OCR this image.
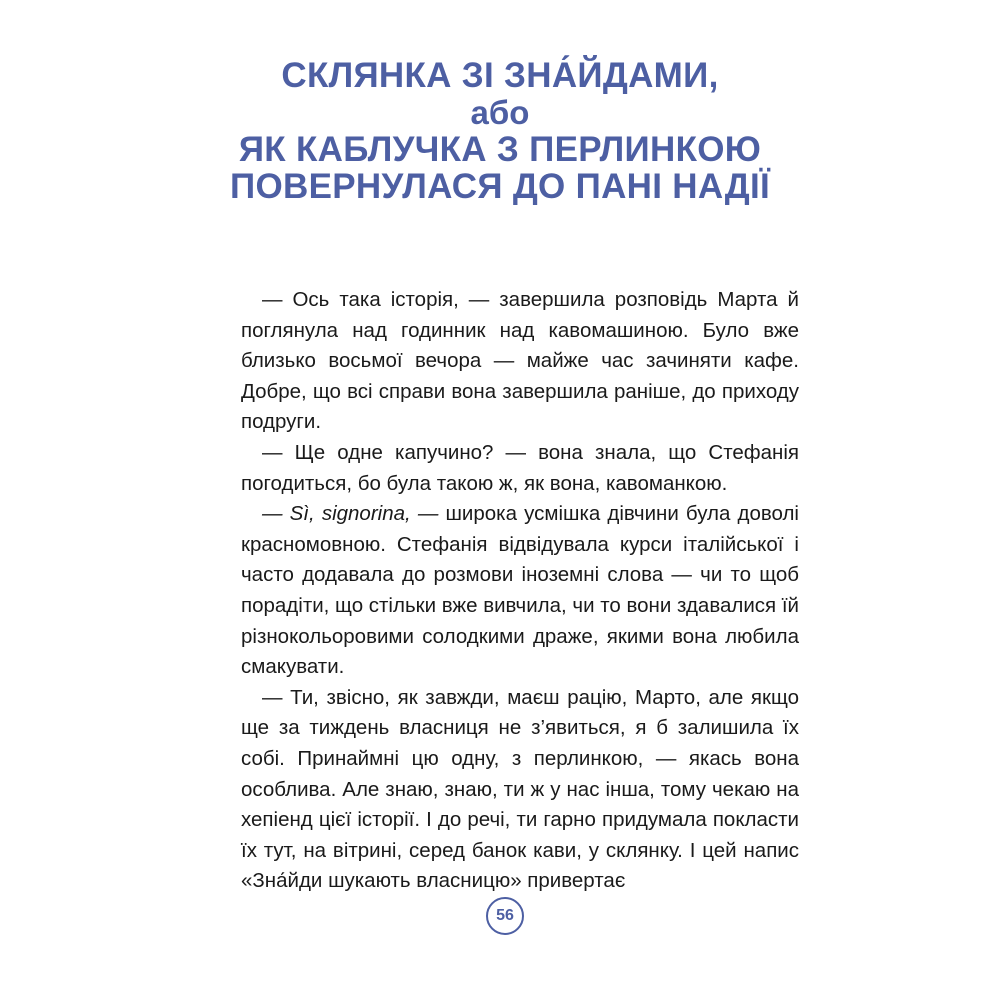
СКЛЯНКА ЗІ ЗНА́ЙДАМИ,
або
ЯК КАБЛУЧКА З ПЕРЛИНКОЮ
ПОВЕРНУЛАСЯ ДО ПАНІ НАДІЇ

— Ось така історія, — завершила розповідь Марта й поглянула над годинник над кавомашиною. Було вже близько восьмої вечора — майже час зачиняти кафе. Добре, що всі справи вона завершила раніше, до приходу подруги.

— Ще одне капучино? — вона знала, що Стефанія погодиться, бо була такою ж, як вона, кавоманкою.

— Sì, signorina, — широка усмішка дівчини була доволі красномовною. Стефанія відвідувала курси італійської і часто додавала до розмови іноземні слова — чи то щоб порадіти, що стільки вже вивчила, чи то вони здавалися їй різнокольоровими солодкими драже, якими вона любила смакувати.

— Ти, звісно, як завжди, маєш рацію, Марто, але якщо ще за тиждень власниця не з’явиться, я б залишила їх собі. Принаймні цю одну, з перлинкою, — якась вона особлива. Але знаю, знаю, ти ж у нас інша, тому чекаю на хепіенд цієї історії. І до речі, ти гарно придумала покласти їх тут, на вітрині, серед банок кави, у склянку. І цей напис «Зна́йди шукають власницю» привертає

56
